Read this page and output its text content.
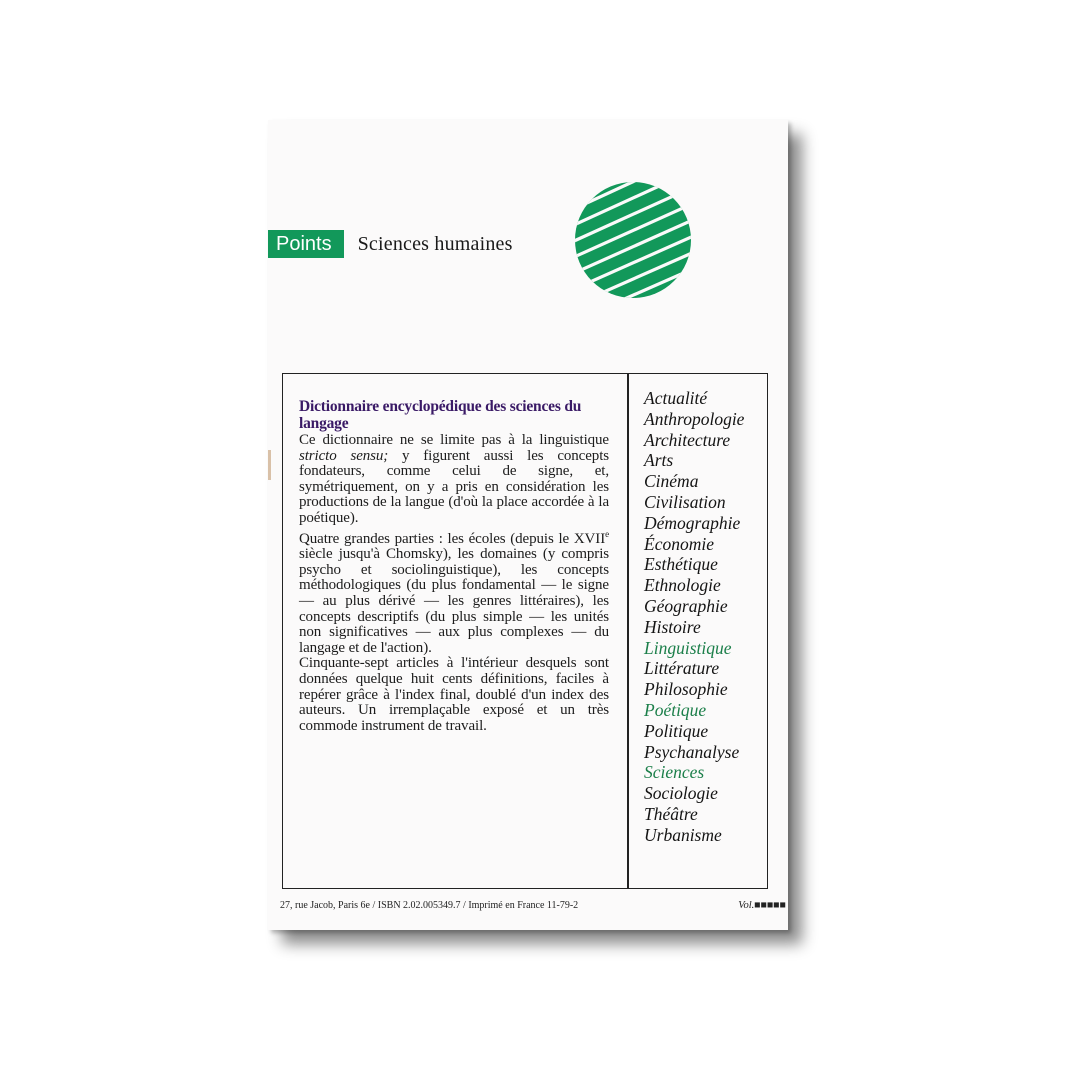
Points	Sciences humaines

Dictionnaire encyclopédique des sciences du langage

Ce dictionnaire ne se limite pas à la linguistique stricto sensu; y figurent aussi les concepts fondateurs, comme celui de signe, et, symétriquement, on y a pris en considération les productions de la langue (d'où la place accordée à la poétique).

Quatre grandes parties : les écoles (depuis le XVIIe siècle jusqu'à Chomsky), les domaines (y compris psycho et sociolinguistique), les concepts méthodologiques (du plus fondamental — le signe — au plus dérivé — les genres littéraires), les concepts descriptifs (du plus simple — les unités non significatives — aux plus complexes — du langage et de l'action).

Cinquante-sept articles à l'intérieur desquels sont données quelque huit cents définitions, faciles à repérer grâce à l'index final, doublé d'un index des auteurs. Un irremplaçable exposé et un très commode instrument de travail.

Actualité
Anthropologie
Architecture
Arts
Cinéma
Civilisation
Démographie
Économie
Esthétique
Ethnologie
Géographie
Histoire
Linguistique
Littérature
Philosophie
Poétique
Politique
Psychanalyse
Sciences
Sociologie
Théâtre
Urbanisme
27, rue Jacob, Paris 6e / ISBN 2.02.005349.7 / Imprimé en France 11-79-2	Vol.■■■■■
